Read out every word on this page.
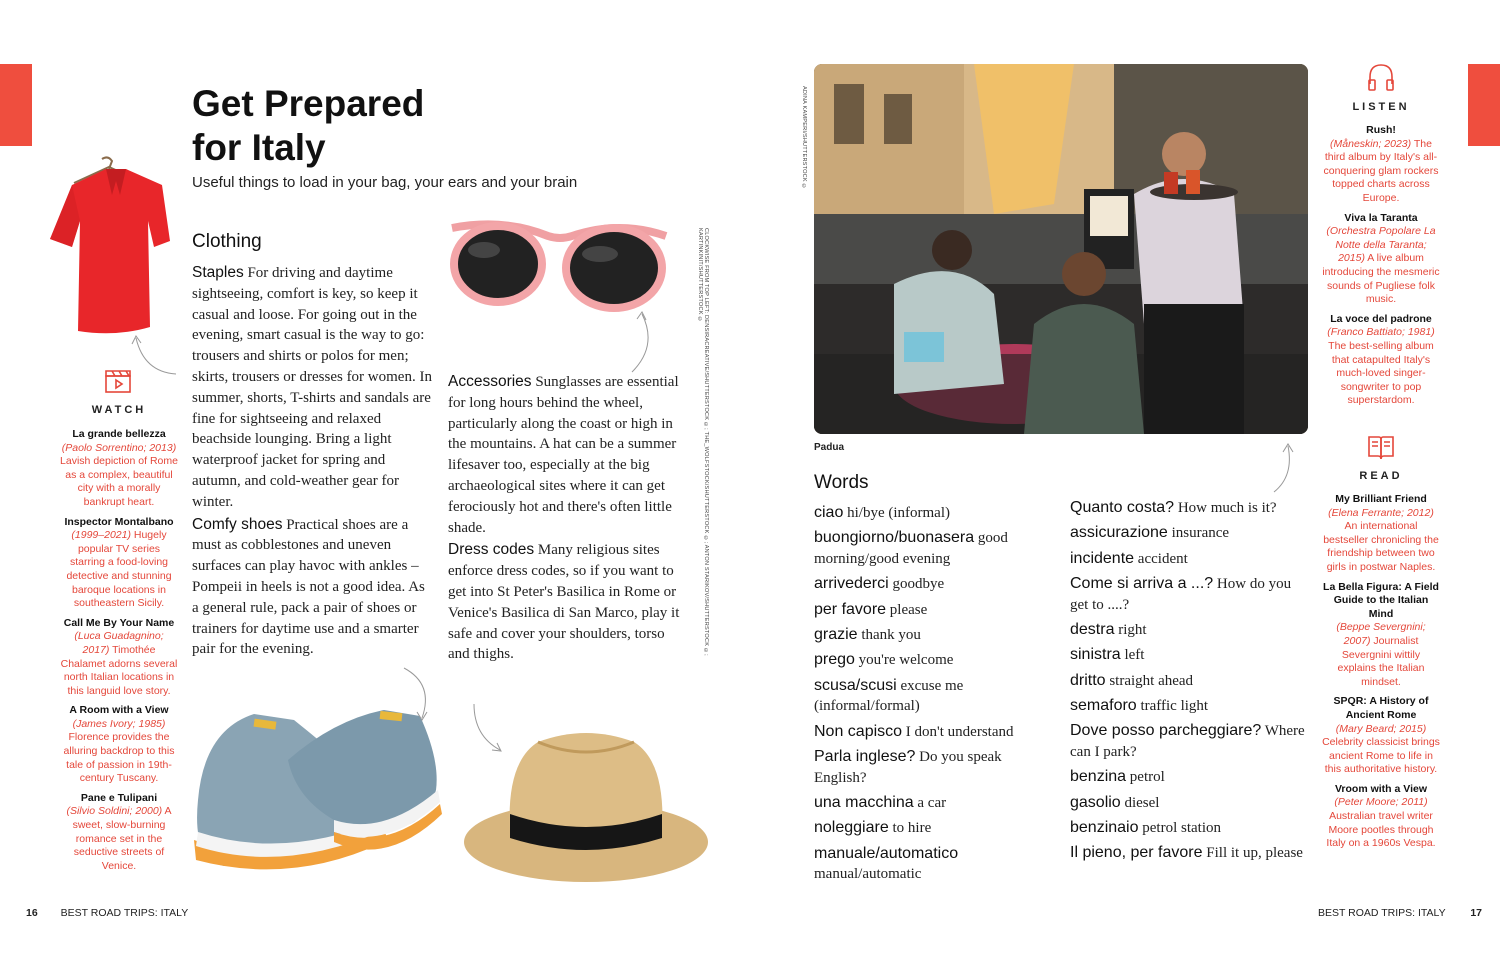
Get Prepared
for Italy
Useful things to load in your bag, your ears and your brain
WATCH
La grande bellezza
(Paolo Sorrentino; 2013) Lavish depiction of Rome as a complex, beautiful city with a morally bankrupt heart.
Inspector Montalbano
(1999–2021) Hugely popular TV series starring a food-loving detective and stunning baroque locations in southeastern Sicily.
Call Me By Your Name
(Luca Guadagnino; 2017) Timothée Chalamet adorns several north Italian locations in this languid love story.
A Room with a View
(James Ivory; 1985) Florence provides the alluring backdrop to this tale of passion in 19th-century Tuscany.
Pane e Tulipani
(Silvio Soldini; 2000) A sweet, slow-burning romance set in the seductive streets of Venice.
Clothing

Staples For driving and daytime sightseeing, comfort is key, so keep it casual and loose. For going out in the evening, smart casual is the way to go: trousers and shirts or polos for men; skirts, trousers or dresses for women. In summer, shorts, T-shirts and sandals are fine for sightseeing and relaxed beachside lounging. Bring a light waterproof jacket for spring and autumn, and cold-weather gear for winter.

Comfy shoes Practical shoes are a must as cobblestones and uneven surfaces can play havoc with ankles – Pompeii in heels is not a good idea. As a general rule, pack a pair of shoes or trainers for daytime use and a smarter pair for the evening.

Accessories Sunglasses are essential for long hours behind the wheel, particularly along the coast or high in the mountains. A hat can be a summer lifesaver too, especially at the big archaeological sites where it can get ferociously hot and there's often little shade.

Dress codes Many religious sites enforce dress codes, so if you want to get into St Peter's Basilica in Rome or Venice's Basilica di San Marco, play it safe and cover your shoulders, torso and thighs.	CLOCKWISE FROM TOP LEFT: DENSIRACREATIVE/SHUTTERSTOCK ©; THE_WOLFSTOCK/SHUTTERSTOCK ©; ANTON STARIKOV/SHUTTERSTOCK ©; KARTINKINIT/SHUTTERSTOCK ©
ADINA KAMPERI/SHUTTERSTOCK ©
Padua
Words
ciao hi/bye (informal)
buongiorno/buonasera good morning/good evening
arrivederci goodbye
per favore please
grazie thank you
prego you're welcome
scusa/scusi excuse me (informal/formal)
Non capisco I don't understand
Parla inglese? Do you speak English?
una macchina a car
noleggiare to hire
manuale/automatico manual/automatic
Quanto costa? How much is it?
assicurazione insurance
incidente accident
Come si arriva a ...? How do you get to ....?
destra right
sinistra left
dritto straight ahead
semaforo traffic light
Dove posso parcheggiare? Where can I park?
benzina petrol
gasolio diesel
benzinaio petrol station
Il pieno, per favore Fill it up, please
LISTEN
Rush!
(Måneskin; 2023) The third album by Italy's all-conquering glam rockers topped charts across Europe.
Viva la Taranta
(Orchestra Popolare La Notte della Taranta; 2015) A live album introducing the mesmeric sounds of Pugliese folk music.
La voce del padrone
(Franco Battiato; 1981) The best-selling album that catapulted Italy's much-loved singer-songwriter to pop superstardom.
READ
My Brilliant Friend
(Elena Ferrante; 2012) An international bestseller chronicling the friendship between two girls in postwar Naples.
La Bella Figura: A Field Guide to the Italian Mind
(Beppe Severgnini; 2007) Journalist Severgnini wittily explains the Italian mindset.
SPQR: A History of Ancient Rome
(Mary Beard; 2015) Celebrity classicist brings ancient Rome to life in this authoritative history.
Vroom with a View
(Peter Moore; 2011) Australian travel writer Moore pootles through Italy on a 1960s Vespa.
16 BEST ROAD TRIPS: ITALY	BEST ROAD TRIPS: ITALY 17
